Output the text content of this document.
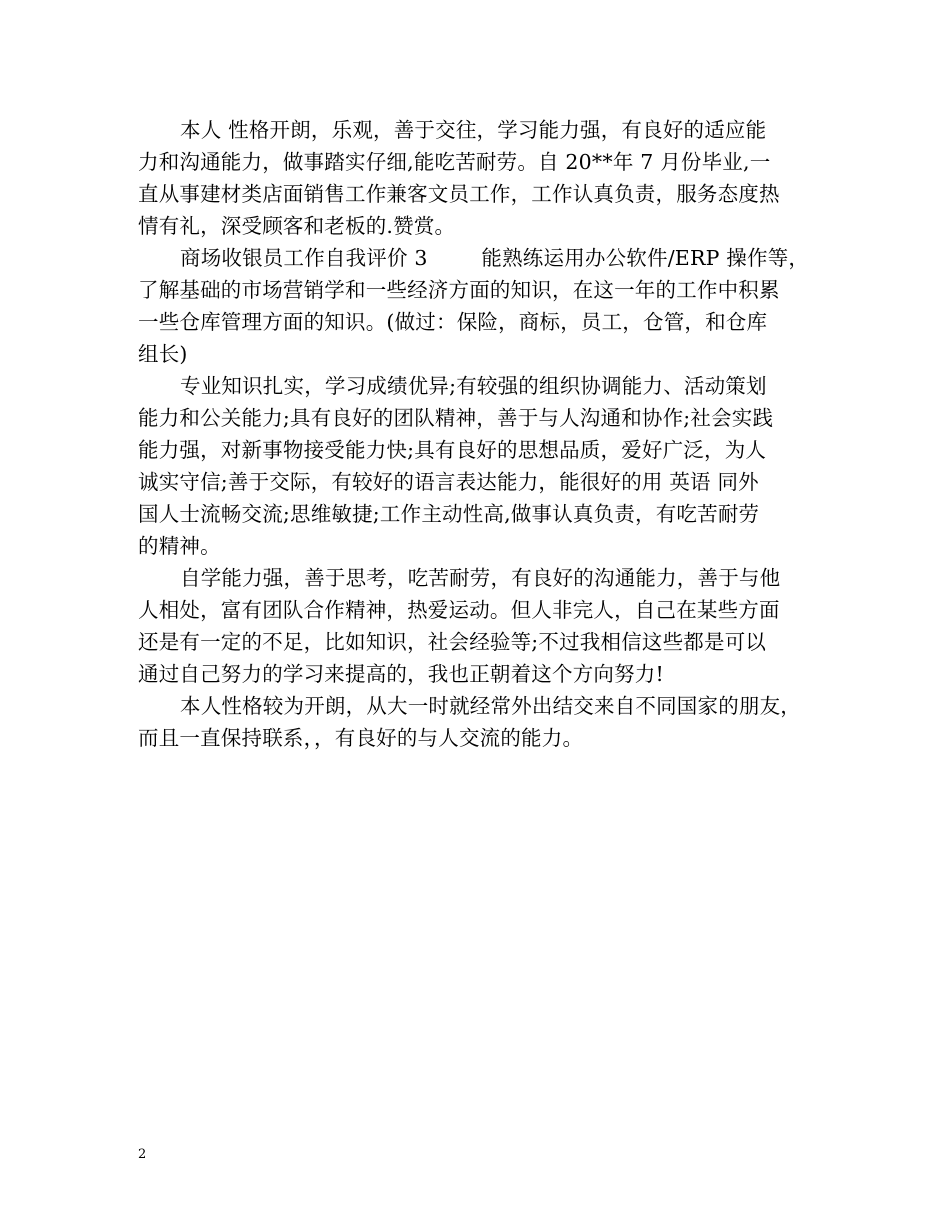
本人 性格开朗，乐观，善于交往，学习能力强，有良好的适应能
力和沟通能力，做事踏实仔细,能吃苦耐劳。自 20**年 7 月份毕业,一
直从事建材类店面销售工作兼客文员工作，工作认真负责，服务态度热
情有礼，深受顾客和老板的.赞赏。
商场收银员工作自我评价 3        能熟练运用办公软件/ERP 操作等，
了解基础的市场营销学和一些经济方面的知识，在这一年的工作中积累
一些仓库管理方面的知识。(做过：保险，商标，员工，仓管，和仓库
组长)
专业知识扎实，学习成绩优异;有较强的组织协调能力、活动策划
能力和公关能力;具有良好的团队精神，善于与人沟通和协作;社会实践
能力强，对新事物接受能力快;具有良好的思想品质，爱好广泛，为人
诚实守信;善于交际，有较好的语言表达能力，能很好的用 英语 同外
国人士流畅交流;思维敏捷;工作主动性高,做事认真负责，有吃苦耐劳
的精神。
自学能力强，善于思考，吃苦耐劳，有良好的沟通能力，善于与他
人相处，富有团队合作精神，热爱运动。但人非完人，自己在某些方面
还是有一定的不足，比如知识，社会经验等;不过我相信这些都是可以
通过自己努力的学习来提高的，我也正朝着这个方向努力!
本人性格较为开朗，从大一时就经常外出结交来自不同国家的朋友，
而且一直保持联系，，有良好的与人交流的能力。
2
